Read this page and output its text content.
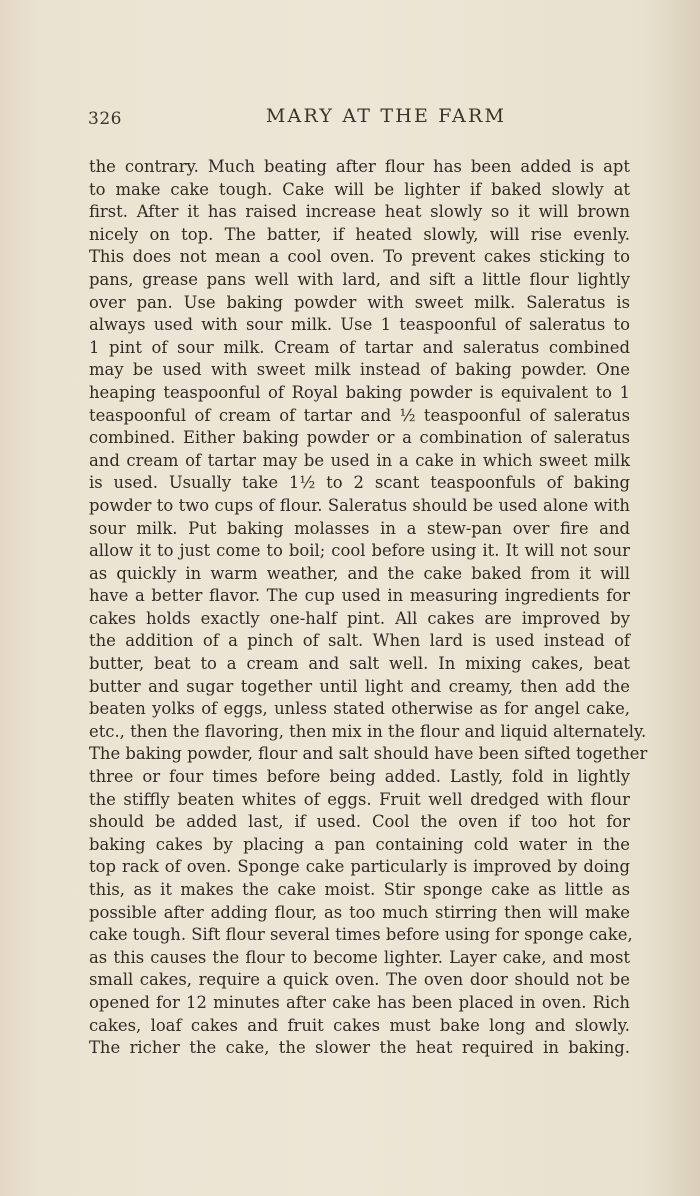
326	MARY AT THE FARM
the contrary. Much beating after flour has been added is apt
to make cake tough. Cake will be lighter if baked slowly at
first. After it has raised increase heat slowly so it will brown
nicely on top. The batter, if heated slowly, will rise evenly.
This does not mean a cool oven. To prevent cakes sticking to
pans, grease pans well with lard, and sift a little flour lightly
over pan. Use baking powder with sweet milk. Saleratus is
always used with sour milk. Use 1 teaspoonful of saleratus to
1 pint of sour milk. Cream of tartar and saleratus combined
may be used with sweet milk instead of baking powder. One
heaping teaspoonful of Royal baking powder is equivalent to 1
teaspoonful of cream of tartar and ½ teaspoonful of saleratus
combined. Either baking powder or a combination of saleratus
and cream of tartar may be used in a cake in which sweet milk
is used. Usually take 1½ to 2 scant teaspoonfuls of baking
powder to two cups of flour. Saleratus should be used alone with
sour milk. Put baking molasses in a stew-pan over fire and
allow it to just come to boil; cool before using it. It will not sour
as quickly in warm weather, and the cake baked from it will
have a better flavor. The cup used in measuring ingredients for
cakes holds exactly one-half pint. All cakes are improved by
the addition of a pinch of salt. When lard is used instead of
butter, beat to a cream and salt well. In mixing cakes, beat
butter and sugar together until light and creamy, then add the
beaten yolks of eggs, unless stated otherwise as for angel cake,
etc., then the flavoring, then mix in the flour and liquid alternately.
The baking powder, flour and salt should have been sifted together
three or four times before being added. Lastly, fold in lightly
the stiffly beaten whites of eggs. Fruit well dredged with flour
should be added last, if used. Cool the oven if too hot for
baking cakes by placing a pan containing cold water in the
top rack of oven. Sponge cake particularly is improved by doing
this, as it makes the cake moist. Stir sponge cake as little as
possible after adding flour, as too much stirring then will make
cake tough. Sift flour several times before using for sponge cake,
as this causes the flour to become lighter. Layer cake, and most
small cakes, require a quick oven. The oven door should not be
opened for 12 minutes after cake has been placed in oven. Rich
cakes, loaf cakes and fruit cakes must bake long and slowly.
The richer the cake, the slower the heat required in baking.
